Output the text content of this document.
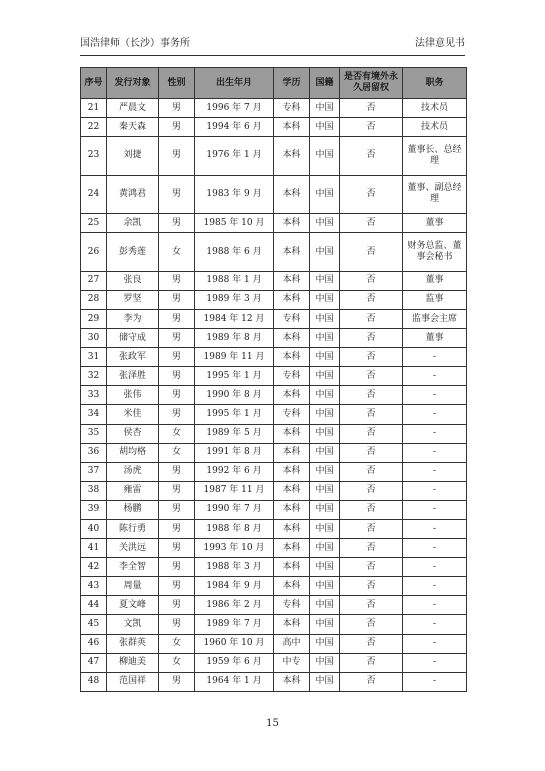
国浩律师（长沙）事务所	法律意见书
序号	发行对象	性别	出生年月	学历	国籍	是否有境外永久居留权	职务
21	严晨文	男	1996 年 7 月	专科	中国	否	技术员
22	秦天森	男	1994 年 6 月	本科	中国	否	技术员
23	刘捷	男	1976 年 1 月	本科	中国	否	董事长、总经理
24	黄鸿君	男	1983 年 9 月	本科	中国	否	董事、副总经理
25	余凯	男	1985 年 10 月	本科	中国	否	董事
26	彭秀莲	女	1988 年 6 月	本科	中国	否	财务总监、董事会秘书
27	张良	男	1988 年 1 月	本科	中国	否	董事
28	罗坚	男	1989 年 3 月	本科	中国	否	监事
29	李为	男	1984 年 12 月	专科	中国	否	监事会主席
30	储守成	男	1989 年 8 月	本科	中国	否	董事
31	张政军	男	1989 年 11 月	本科	中国	否	-
32	张泽胜	男	1995 年 1 月	专科	中国	否	-
33	张伟	男	1990 年 8 月	本科	中国	否	-
34	米佳	男	1995 年 1 月	专科	中国	否	-
35	侯杏	女	1989 年 5 月	本科	中国	否	-
36	胡均格	女	1991 年 8 月	本科	中国	否	-
37	汤虎	男	1992 年 6 月	本科	中国	否	-
38	雍雷	男	1987 年 11 月	本科	中国	否	-
39	杨鹏	男	1990 年 7 月	本科	中国	否	-
40	陈行勇	男	1988 年 8 月	本科	中国	否	-
41	关洪远	男	1993 年 10 月	本科	中国	否	-
42	李全智	男	1988 年 3 月	本科	中国	否	-
43	周量	男	1984 年 9 月	本科	中国	否	-
44	夏文峰	男	1986 年 2 月	专科	中国	否	-
45	文凯	男	1989 年 7 月	本科	中国	否	-
46	张群英	女	1960 年 10 月	高中	中国	否	-
47	柳迪美	女	1959 年 6 月	中专	中国	否	-
48	范国祥	男	1964 年 1 月	本科	中国	否	-
15
